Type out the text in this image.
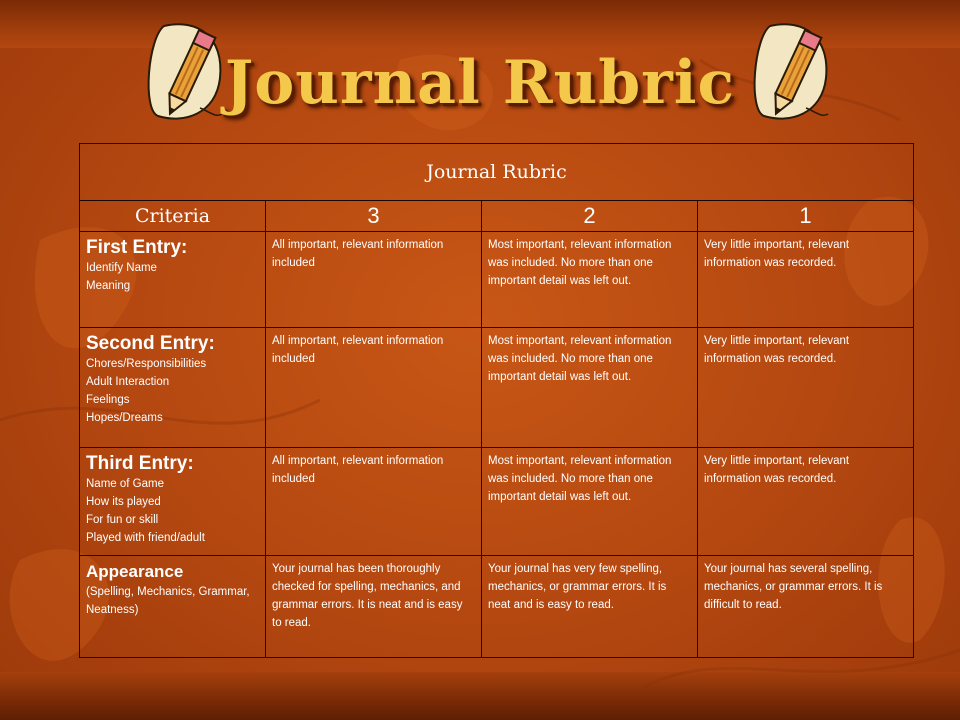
Journal Rubric
Journal Rubric			
Criteria	3	2	1

First Entry:
Identify Name
Meaning	All important, relevant information included	Most important, relevant information was included. No more than one important detail was left out.	Very little important, relevant information was recorded.

Second Entry:
Chores/Responsibilities
Adult Interaction
Feelings
Hopes/Dreams	All important, relevant information included	Most important, relevant information was included. No more than one important detail was left out.	Very little important, relevant information was recorded.

Third Entry:
Name of Game
How its played
For fun or skill
Played with friend/adult	All important, relevant information included	Most important, relevant information was included. No more than one important detail was left out.	Very little important, relevant information was recorded.

Appearance
(Spelling, Mechanics, Grammar, Neatness)	Your journal has been thoroughly checked for spelling, mechanics, and grammar errors. It is neat and is easy to read.	Your journal has very few spelling, mechanics, or grammar errors. It is neat and is easy to read.	Your journal has several spelling, mechanics, or grammar errors. It is difficult to read.
